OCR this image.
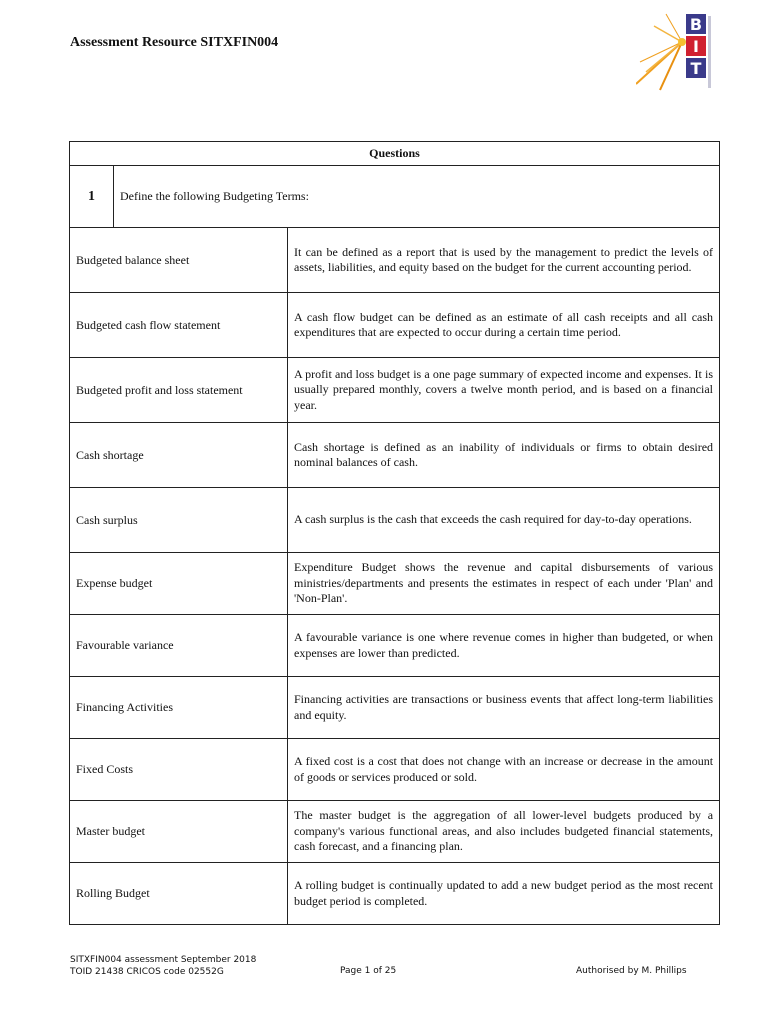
Assessment Resource SITXFIN004
B
I
T
Questions		
1	Define the following Budgeting Terms:	
Budgeted balance sheet		It can be defined as a report that is used by the management to predict the levels of assets, liabilities, and equity based on the budget for the current accounting period.
Budgeted cash flow statement		A cash flow budget can be defined as an estimate of all cash receipts and all cash expenditures that are expected to occur during a certain time period.
Budgeted profit and loss statement		A profit and loss budget is a one page summary of expected income and expenses. It is usually prepared monthly, covers a twelve month period, and is based on a financial year.
Cash shortage		Cash shortage is defined as an inability of individuals or firms to obtain desired nominal balances of cash.
Cash surplus		A cash surplus is the cash that exceeds the cash required for day-to-day operations.
Expense budget		Expenditure Budget shows the revenue and capital disbursements of various ministries/departments and presents the estimates in respect of each under 'Plan' and 'Non-Plan'.
Favourable variance		A favourable variance is one where revenue comes in higher than budgeted, or when expenses are lower than predicted.
Financing Activities		Financing activities are transactions or business events that affect long-term liabilities and equity.
Fixed Costs		A fixed cost is a cost that does not change with an increase or decrease in the amount of goods or services produced or sold.
Master budget		The master budget is the aggregation of all lower-level budgets produced by a company's various functional areas, and also includes budgeted financial statements, cash forecast, and a financing plan.
Rolling Budget		A rolling budget is continually updated to add a new budget period as the most recent budget period is completed.
SITXFIN004 assessment September 2018
TOID 21438 CRICOS code 02552G	Page 1 of 25	Authorised by M. Phillips
